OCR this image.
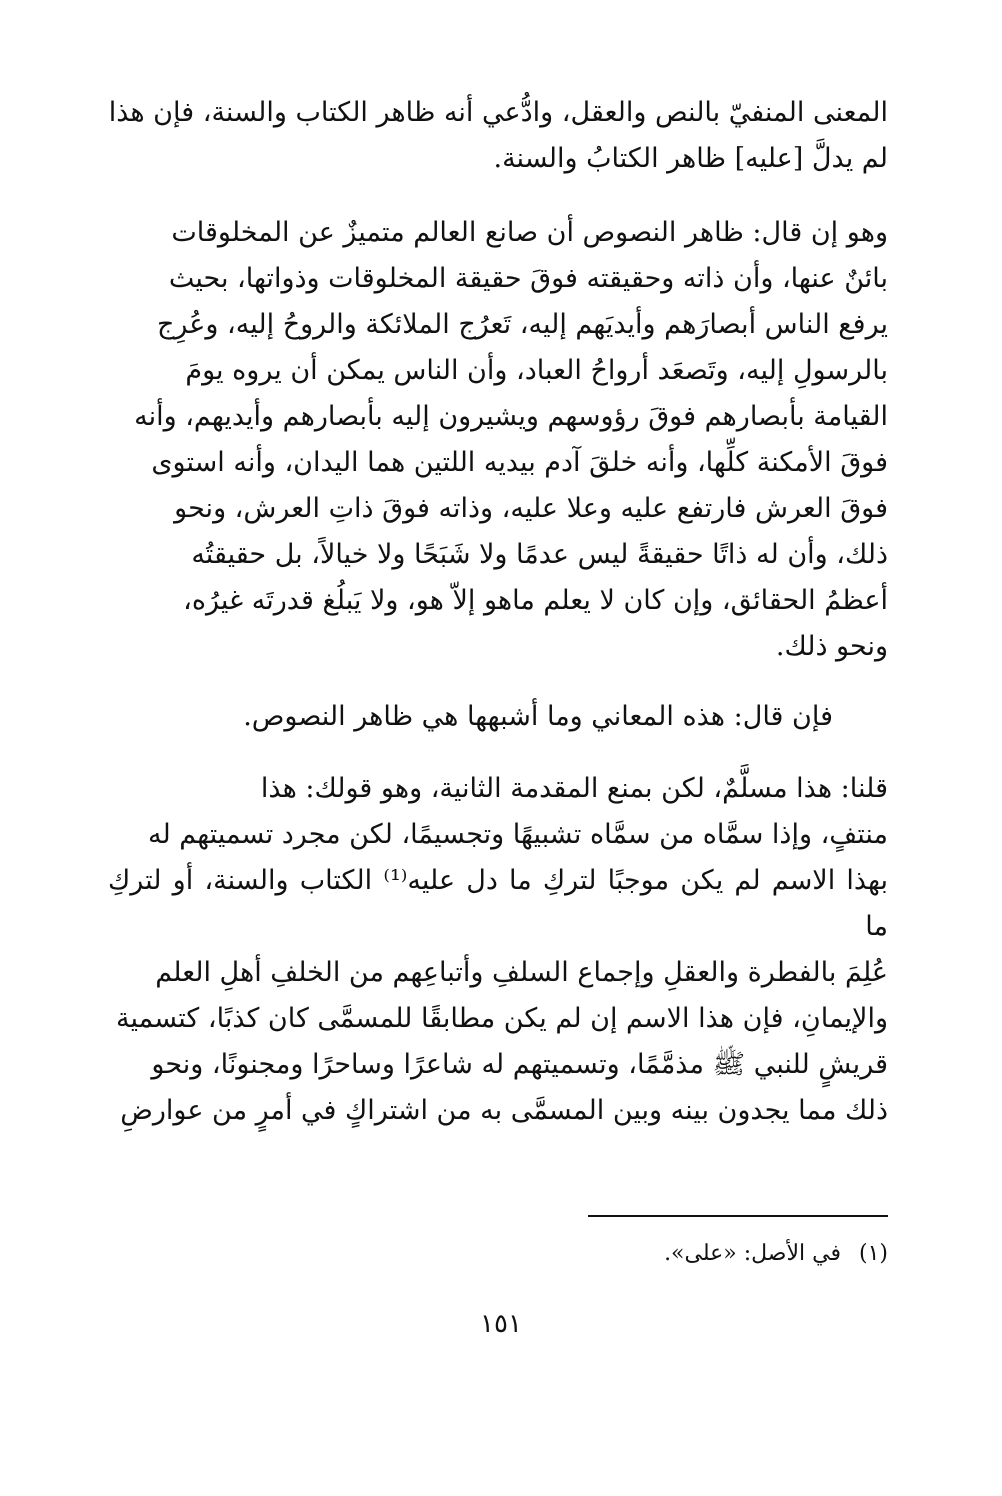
المعنى المنفيّ بالنص والعقل، وادُّعي أنه ظاهر الكتاب والسنة، فإن هذا
لم يدلَّ [عليه] ظاهر الكتابُ والسنة.

وهو إن قال: ظاهر النصوص أن صانع العالم متميزٌ عن المخلوقات
بائنٌ عنها، وأن ذاته وحقيقته فوقَ حقيقة المخلوقات وذواتها، بحيث
يرفع الناس أبصارَهم وأيديَهم إليه، تَعرُج الملائكة والروحُ إليه، وعُرِج
بالرسولِ إليه، وتَصعَد أرواحُ العباد، وأن الناس يمكن أن يروه يومَ
القيامة بأبصارهم فوقَ رؤوسهم ويشيرون إليه بأبصارهم وأيديهم، وأنه
فوقَ الأمكنة كلِّها، وأنه خلقَ آدم بيديه اللتين هما اليدان، وأنه استوى
فوقَ العرش فارتفع عليه وعلا عليه، وذاته فوقَ ذاتِ العرش، ونحو
ذلك، وأن له ذاتًا حقيقةً ليس عدمًا ولا شَبَحًا ولا خيالاً، بل حقيقتُه
أعظمُ الحقائق، وإن كان لا يعلم ماهو إلاّ هو، ولا يَبلُغ قدرتَه غيرُه،
ونحو ذلك.

فإن قال: هذه المعاني وما أشبهها هي ظاهر النصوص.

قلنا: هذا مسلَّمٌ، لكن بمنع المقدمة الثانية، وهو قولك: هذا
منتفٍ، وإذا سمَّاه من سمَّاه تشبيهًا وتجسيمًا، لكن مجرد تسميتهم له
بهذا الاسم لم يكن موجبًا لتركِ ما دل عليه⁽¹⁾ الكتاب والسنة، أو لتركِ ما
عُلِمَ بالفطرة والعقلِ وإجماع السلفِ وأتباعِهم من الخلفِ أهلِ العلم
والإيمانِ، فإن هذا الاسم إن لم يكن مطابقًا للمسمَّى كان كذبًا، كتسمية
قريشٍ للنبي ﷺ مذمَّمًا، وتسميتهم له شاعرًا وساحرًا ومجنونًا، ونحو
ذلك مما يجدون بينه وبين المسمَّى به من اشتراكٍ في أمرٍ من عوارضِ

(١)في الأصل: «على».
١٥١
